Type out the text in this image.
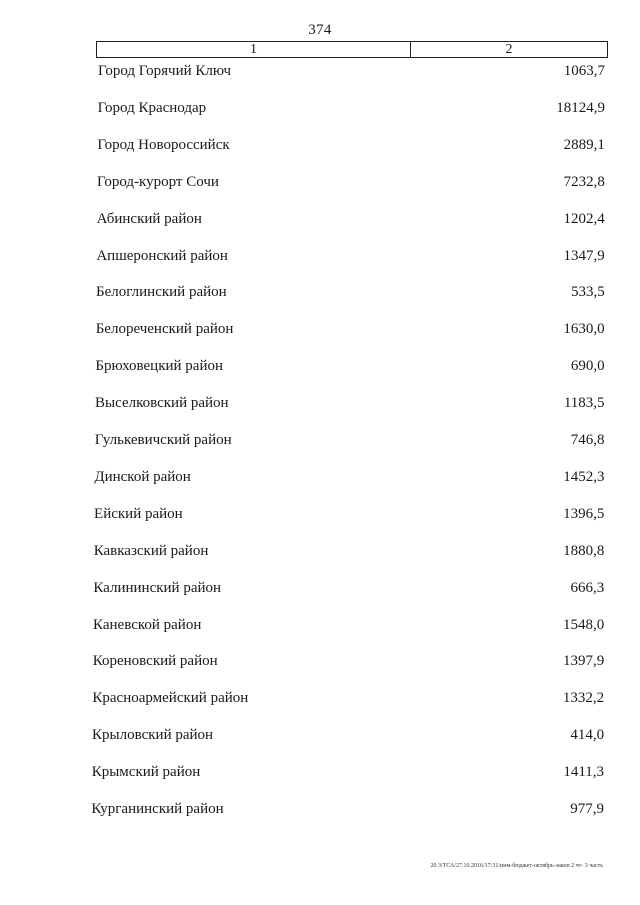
374
1	2
Город Горячий Ключ	1063,7
Город Краснодар	18124,9
Город Новороссийск	2889,1
Город-курорт Сочи	7232,8
Абинский район	1202,4
Апшеронский район	1347,9
Белоглинский район	533,5
Белореченский район	1630,0
Брюховецкий район	690,0
Выселковский район	1183,5
Гулькевичский район	746,8
Динской район	1452,3
Ейский район	1396,5
Кавказский район	1880,8
Калининский район	666,3
Каневской район	1548,0
Кореновский район	1397,9
Красноармейский район	1332,2
Крыловский район	414,0
Крымский район	1411,3
Курганинский район	977,9
20 3/ТСА/27.10.2016/17:31/инм-бюджет-октябрь-закон 2 чт- 3 часть
